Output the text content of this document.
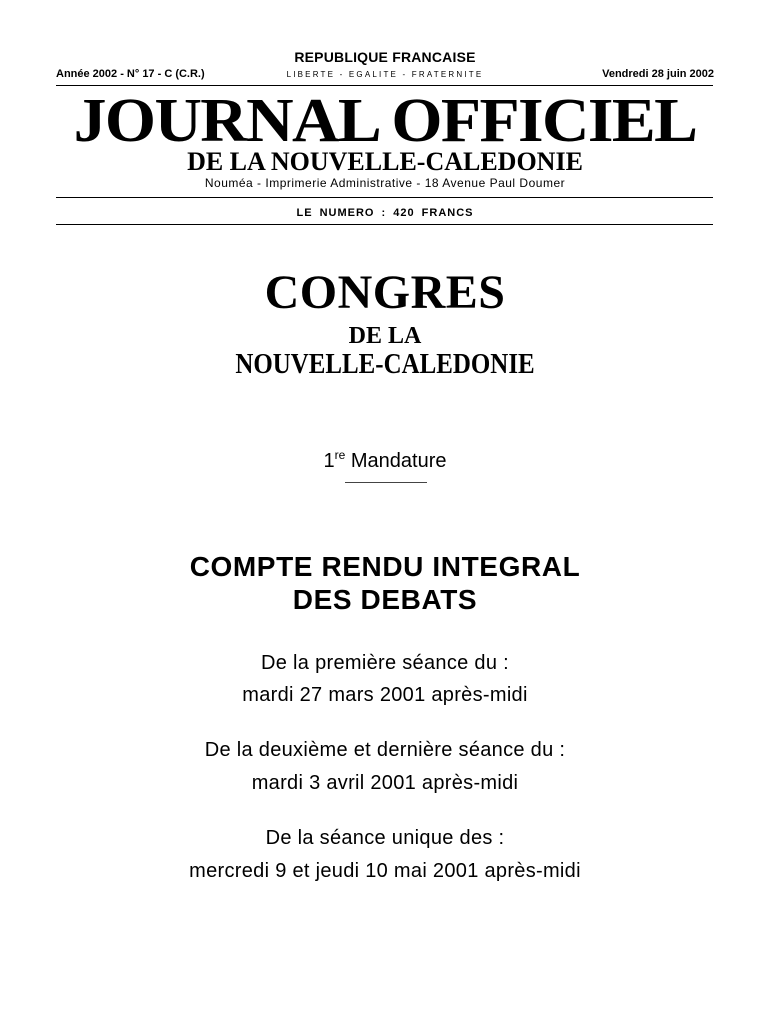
REPUBLIQUE FRANCAISE
Année 2002 - N° 17 - C (C.R.)	LIBERTE - EGALITE - FRATERNITE	Vendredi 28 juin 2002
JOURNAL OFFICIEL
DE LA NOUVELLE-CALEDONIE
Nouméa - Imprimerie Administrative - 18 Avenue Paul Doumer
LE NUMERO : 420 FRANCS
CONGRES
DE LA
NOUVELLE-CALEDONIE
1re Mandature
COMPTE RENDU INTEGRAL
DES DEBATS
De la première séance du :
mardi 27 mars 2001 après-midi
De la deuxième et dernière séance du :
mardi 3 avril 2001 après-midi
De la séance unique des :
mercredi 9 et jeudi 10 mai 2001 après-midi
